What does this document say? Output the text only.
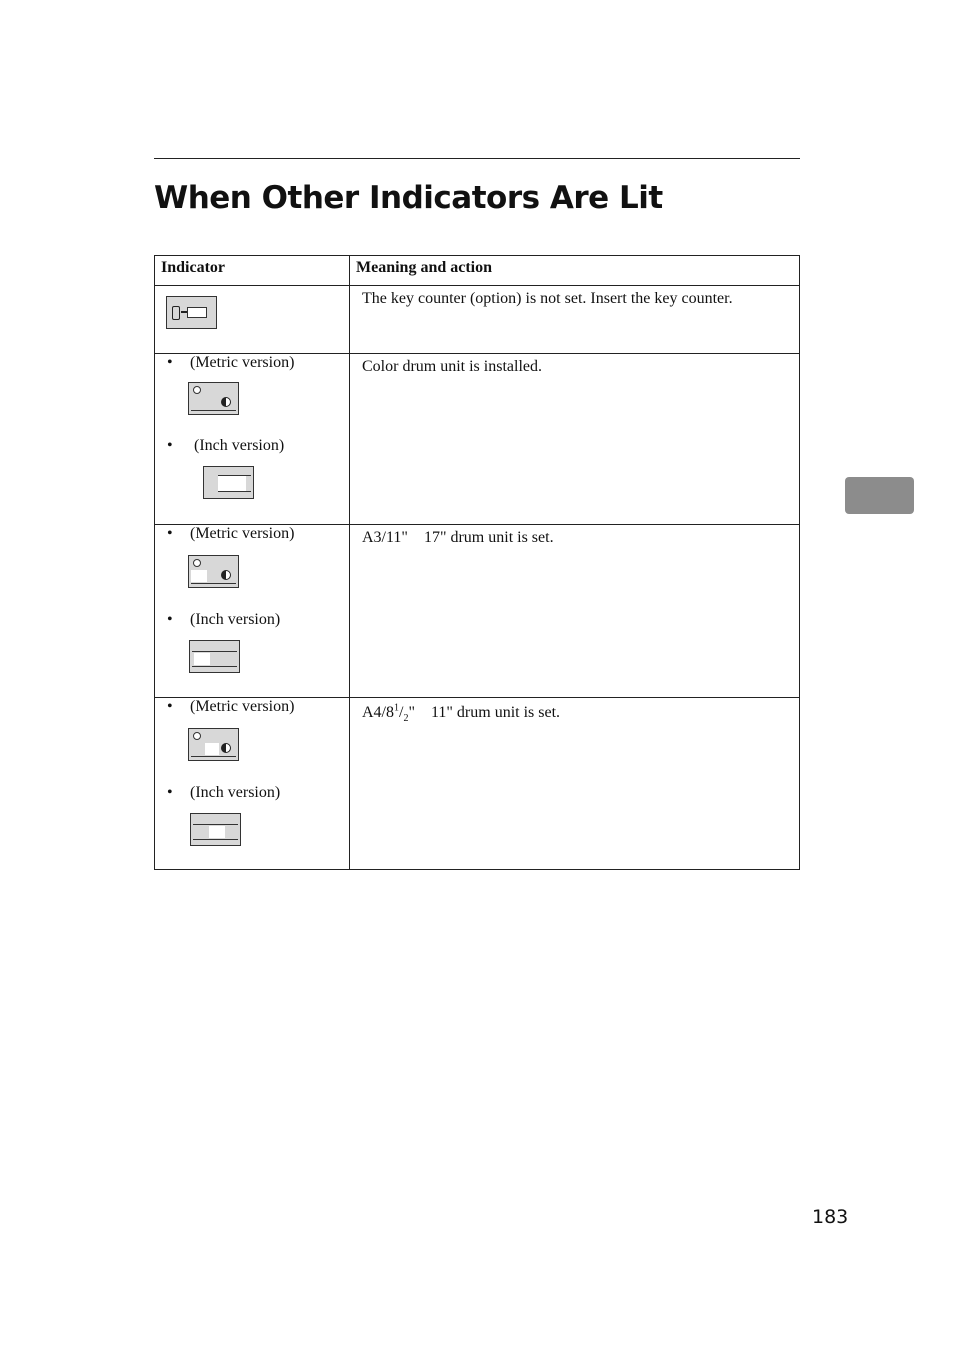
When Other Indicators Are Lit
Indicator	Meaning and action

	The key counter (option) is not set. Insert the key counter.

• (Metric version)
• (Inch version)	Color drum unit is installed.

• (Metric version)
• (Inch version)	A3/11"    17" drum unit is set.

• (Metric version)
• (Inch version)	$A4/8^1/_2$"    11" drum unit is set.
183
